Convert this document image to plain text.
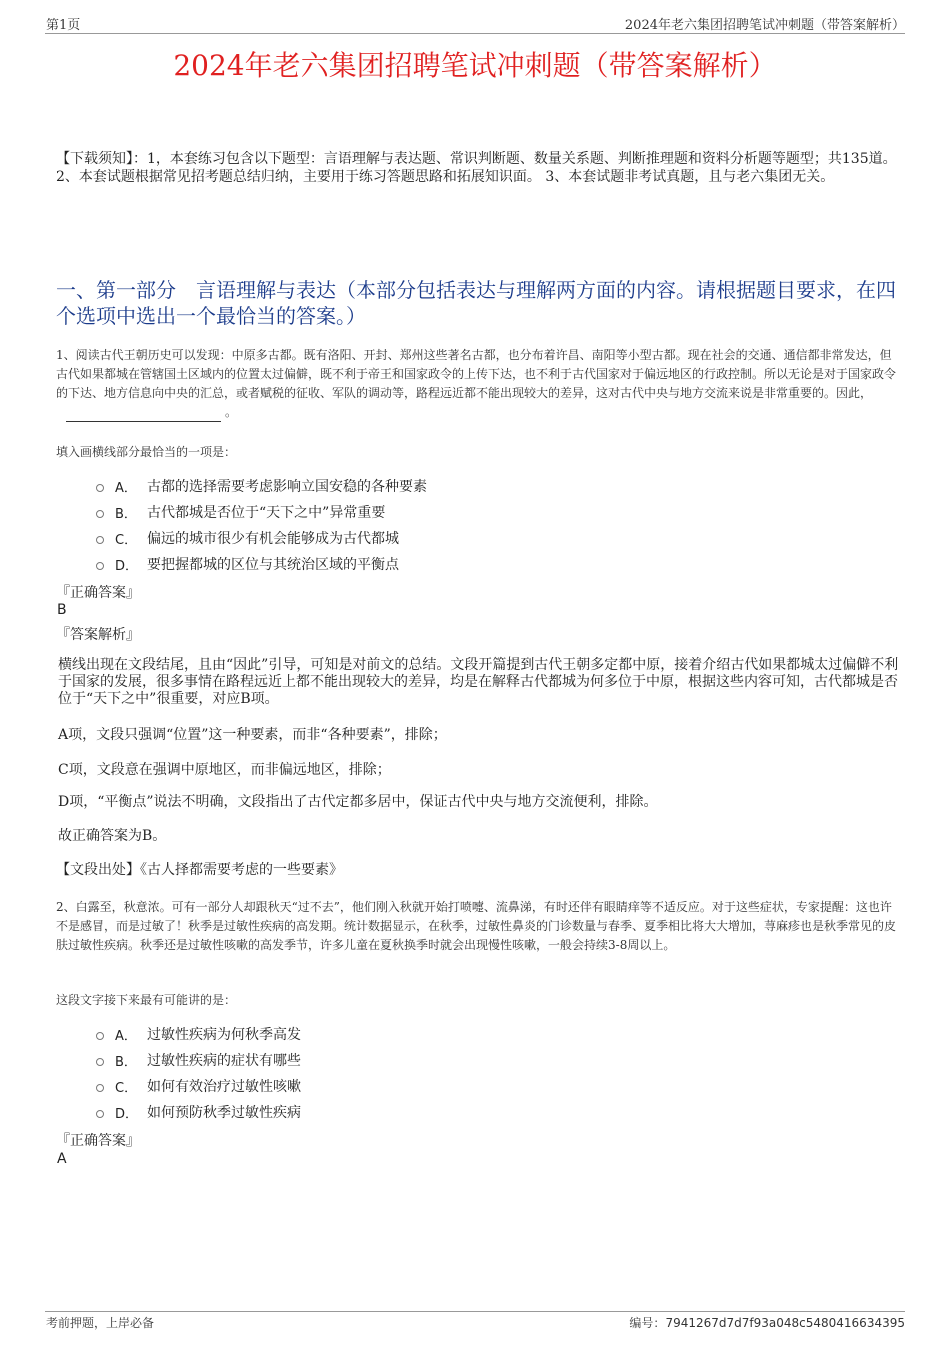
第1页	2024年老六集团招聘笔试冲刺题（带答案解析）
2024年老六集团招聘笔试冲刺题（带答案解析）
【下载须知】：1，本套练习包含以下题型：言语理解与表达题、常识判断题、数量关系题、判断推理题和资料分析题等题型；共135道。 2、本套试题根据常见招考题总结归纳，主要用于练习答题思路和拓展知识面。 3、本套试题非考试真题，且与老六集团无关。
一、第一部分　言语理解与表达（本部分包括表达与理解两方面的内容。请根据题目要求，在四个选项中选出一个最恰当的答案。）
1、阅读古代王朝历史可以发现：中原多古都。既有洛阳、开封、郑州这些著名古都，也分布着许昌、南阳等小型古都。现在社会的交通、通信都非常发达，但古代如果都城在管辖国土区域内的位置太过偏僻，既不利于帝王和国家政令的上传下达，也不利于古代国家对于偏远地区的行政控制。所以无论是对于国家政令的下达、地方信息向中央的汇总，或者赋税的征收、军队的调动等，路程远近都不能出现较大的差异，这对古代中央与地方交流来说是非常重要的。因此，。
填入画横线部分最恰当的一项是：
A． 古都的选择需要考虑影响立国安稳的各种要素
B． 古代都城是否位于“天下之中”异常重要
C． 偏远的城市很少有机会能够成为古代都城
D． 要把握都城的区位与其统治区域的平衡点
『正确答案』
B
『答案解析』
横线出现在文段结尾，且由“因此”引导，可知是对前文的总结。文段开篇提到古代王朝多定都中原，接着介绍古代如果都城太过偏僻不利于国家的发展，很多事情在路程远近上都不能出现较大的差异，均是在解释古代都城为何多位于中原，根据这些内容可知，古代都城是否位于“天下之中”很重要，对应B项。
A项，文段只强调“位置”这一种要素，而非“各种要素”，排除；
C项，文段意在强调中原地区，而非偏远地区，排除；
D项，“平衡点”说法不明确，文段指出了古代定都多居中，保证古代中央与地方交流便利，排除。
故正确答案为B。
【文段出处】《古人择都需要考虑的一些要素》
2、白露至，秋意浓。可有一部分人却跟秋天“过不去”，他们刚入秋就开始打喷嚏、流鼻涕，有时还伴有眼睛痒等不适反应。对于这些症状，专家提醒：这也许不是感冒，而是过敏了！秋季是过敏性疾病的高发期。统计数据显示，在秋季，过敏性鼻炎的门诊数量与春季、夏季相比将大大增加，荨麻疹也是秋季常见的皮肤过敏性疾病。秋季还是过敏性咳嗽的高发季节，许多儿童在夏秋换季时就会出现慢性咳嗽，一般会持续3-8周以上。
这段文字接下来最有可能讲的是：
A． 过敏性疾病为何秋季高发
B． 过敏性疾病的症状有哪些
C． 如何有效治疗过敏性咳嗽
D． 如何预防秋季过敏性疾病
『正确答案』
A
考前押题，上岸必备	编号：7941267d7d7f93a048c5480416634395
